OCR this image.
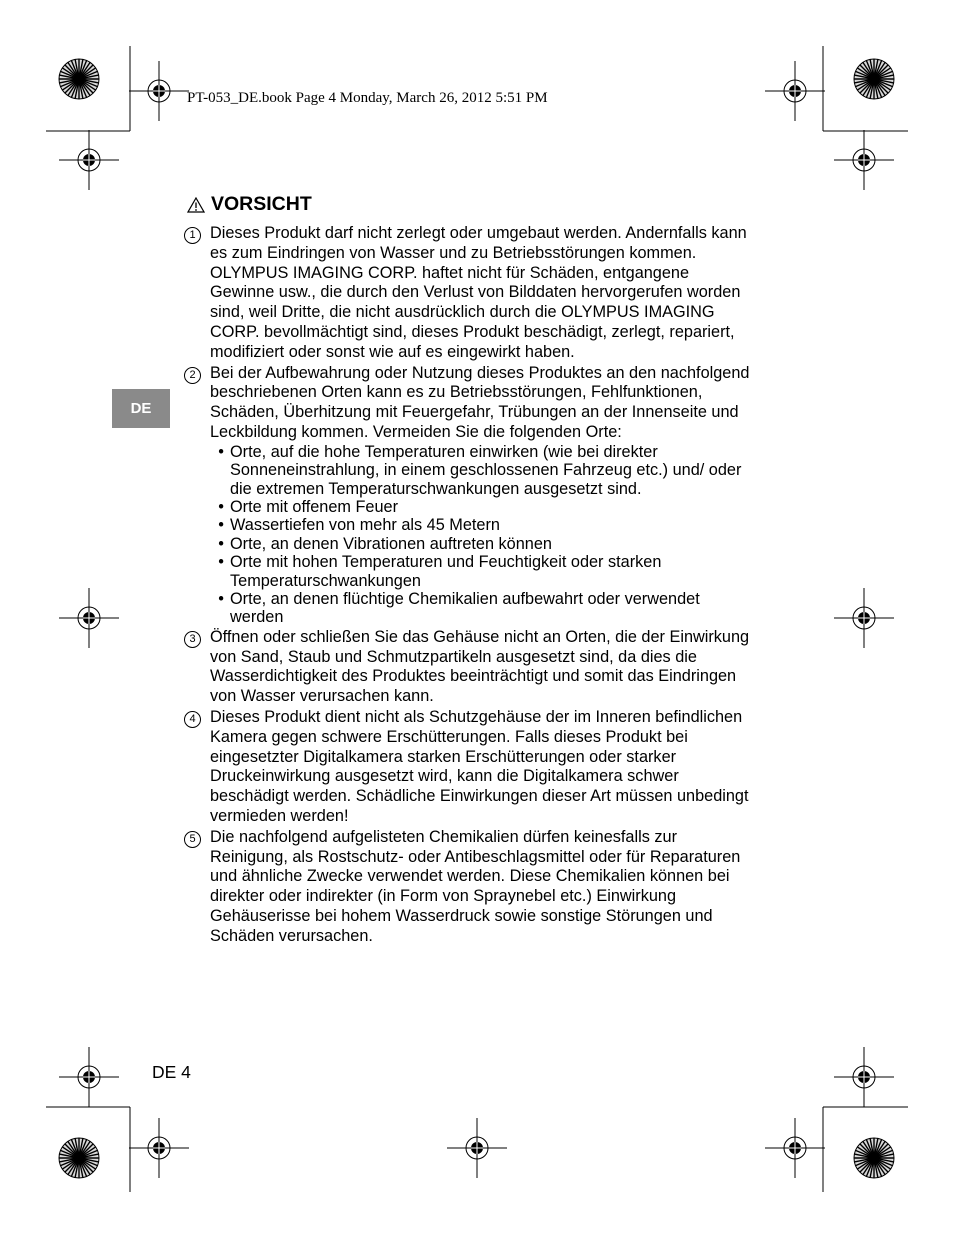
PT-053_DE.book Page 4 Monday, March 26, 2012 5:51 PM
VORSICHT
DE
1 Dieses Produkt darf nicht zerlegt oder umgebaut werden. Andernfalls kann es zum Eindringen von Wasser und zu Betriebsstörungen kommen. OLYMPUS IMAGING CORP. haftet nicht für Schäden, entgangene Gewinne usw., die durch den Verlust von Bilddaten hervorgerufen worden sind, weil Dritte, die nicht ausdrücklich durch die OLYMPUS IMAGING CORP. bevollmächtigt sind, dieses Produkt beschädigt, zerlegt, repariert, modifiziert oder sonst wie auf es eingewirkt haben.
2 Bei der Aufbewahrung oder Nutzung dieses Produktes an den nachfolgend beschriebenen Orten kann es zu Betriebsstörungen, Fehlfunktionen, Schäden, Überhitzung mit Feuergefahr, Trübungen an der Innenseite und Leckbildung kommen. Vermeiden Sie die folgenden Orte:
• Orte, auf die hohe Temperaturen einwirken (wie bei direkter Sonneneinstrahlung, in einem geschlossenen Fahrzeug etc.) und/ oder die extremen Temperaturschwankungen ausgesetzt sind.
• Orte mit offenem Feuer
• Wassertiefen von mehr als 45 Metern
• Orte, an denen Vibrationen auftreten können
• Orte mit hohen Temperaturen und Feuchtigkeit oder starken Temperaturschwankungen
• Orte, an denen flüchtige Chemikalien aufbewahrt oder verwendet werden
3 Öffnen oder schließen Sie das Gehäuse nicht an Orten, die der Einwirkung von Sand, Staub und Schmutzpartikeln ausgesetzt sind, da dies die Wasserdichtigkeit des Produktes beeinträchtigt und somit das Eindringen von Wasser verursachen kann.
4 Dieses Produkt dient nicht als Schutzgehäuse der im Inneren befindlichen Kamera gegen schwere Erschütterungen. Falls dieses Produkt bei eingesetzter Digitalkamera starken Erschütterungen oder starker Druckeinwirkung ausgesetzt wird, kann die Digitalkamera schwer beschädigt werden. Schädliche Einwirkungen dieser Art müssen unbedingt vermieden werden!
5 Die nachfolgend aufgelisteten Chemikalien dürfen keinesfalls zur Reinigung, als Rostschutz- oder Antibeschlagsmittel oder für Reparaturen und ähnliche Zwecke verwendet werden. Diese Chemikalien können bei direkter oder indirekter (in Form von Spraynebel etc.) Einwirkung Gehäuserisse bei hohem Wasserdruck sowie sonstige Störungen und Schäden verursachen.
DE 4
